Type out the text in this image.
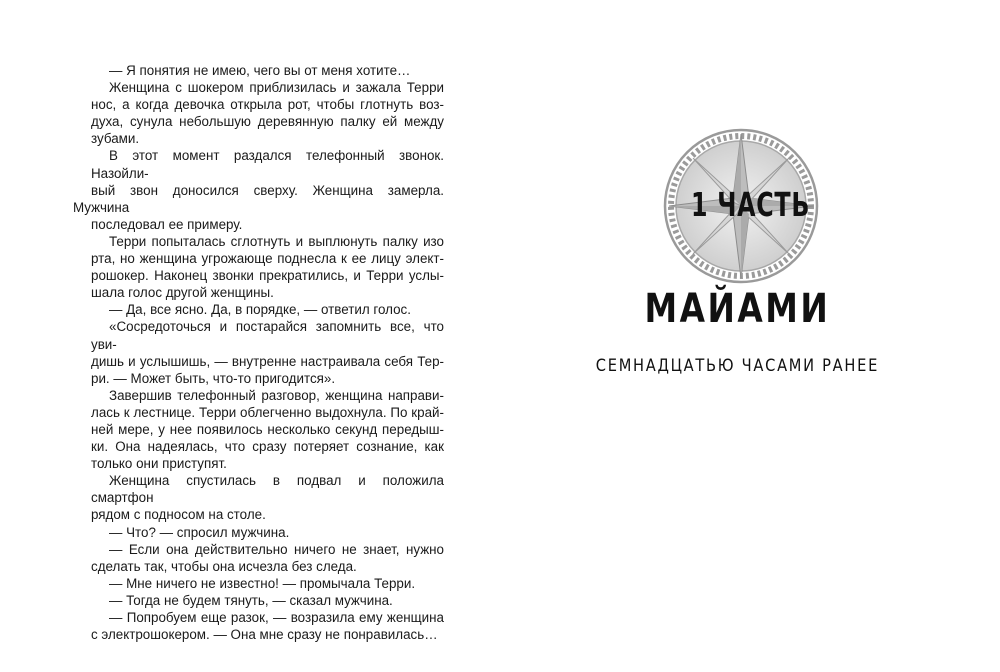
— Я понятия не имею, чего вы от меня хотите…

Женщина с шокером приблизилась и зажала Терри
нос, а когда девочка открыла рот, чтобы глотнуть воз-
духа, сунула небольшую деревянную палку ей между
зубами.

В этот момент раздался телефонный звонок. Назойли-
вый звон доносился сверху. Женщина замерла. Мужчина
последовал ее примеру.

Терри попыталась сглотнуть и выплюнуть палку изо
рта, но женщина угрожающе поднесла к ее лицу элект-
рошокер. Наконец звонки прекратились, и Терри услы-
шала голос другой женщины.

— Да, все ясно. Да, в порядке, — ответил голос.

«Сосредоточься и постарайся запомнить все, что уви-
дишь и услышишь, — внутренне настраивала себя Тер-
ри. — Может быть, что-то пригодится».

Завершив телефонный разговор, женщина направи-
лась к лестнице. Терри облегченно выдохнула. По край-
ней мере, у нее появилось несколько секунд передыш-
ки. Она надеялась, что сразу потеряет сознание, как
только они приступят.

Женщина спустилась в подвал и положила смартфон
рядом с подносом на столе.

— Что? — спросил мужчина.

— Если она действительно ничего не знает, нужно
сделать так, чтобы она исчезла без следа.

— Мне ничего не известно! — промычала Терри.

— Тогда не будем тянуть, — сказал мужчина.

— Попробуем еще разок, — возразила ему женщина
с электрошокером. — Она мне сразу не понравилась…

1 ЧАСТЬ
МАЙАМИ
СЕМНАДЦАТЬЮ ЧАСАМИ РАНЕЕ
